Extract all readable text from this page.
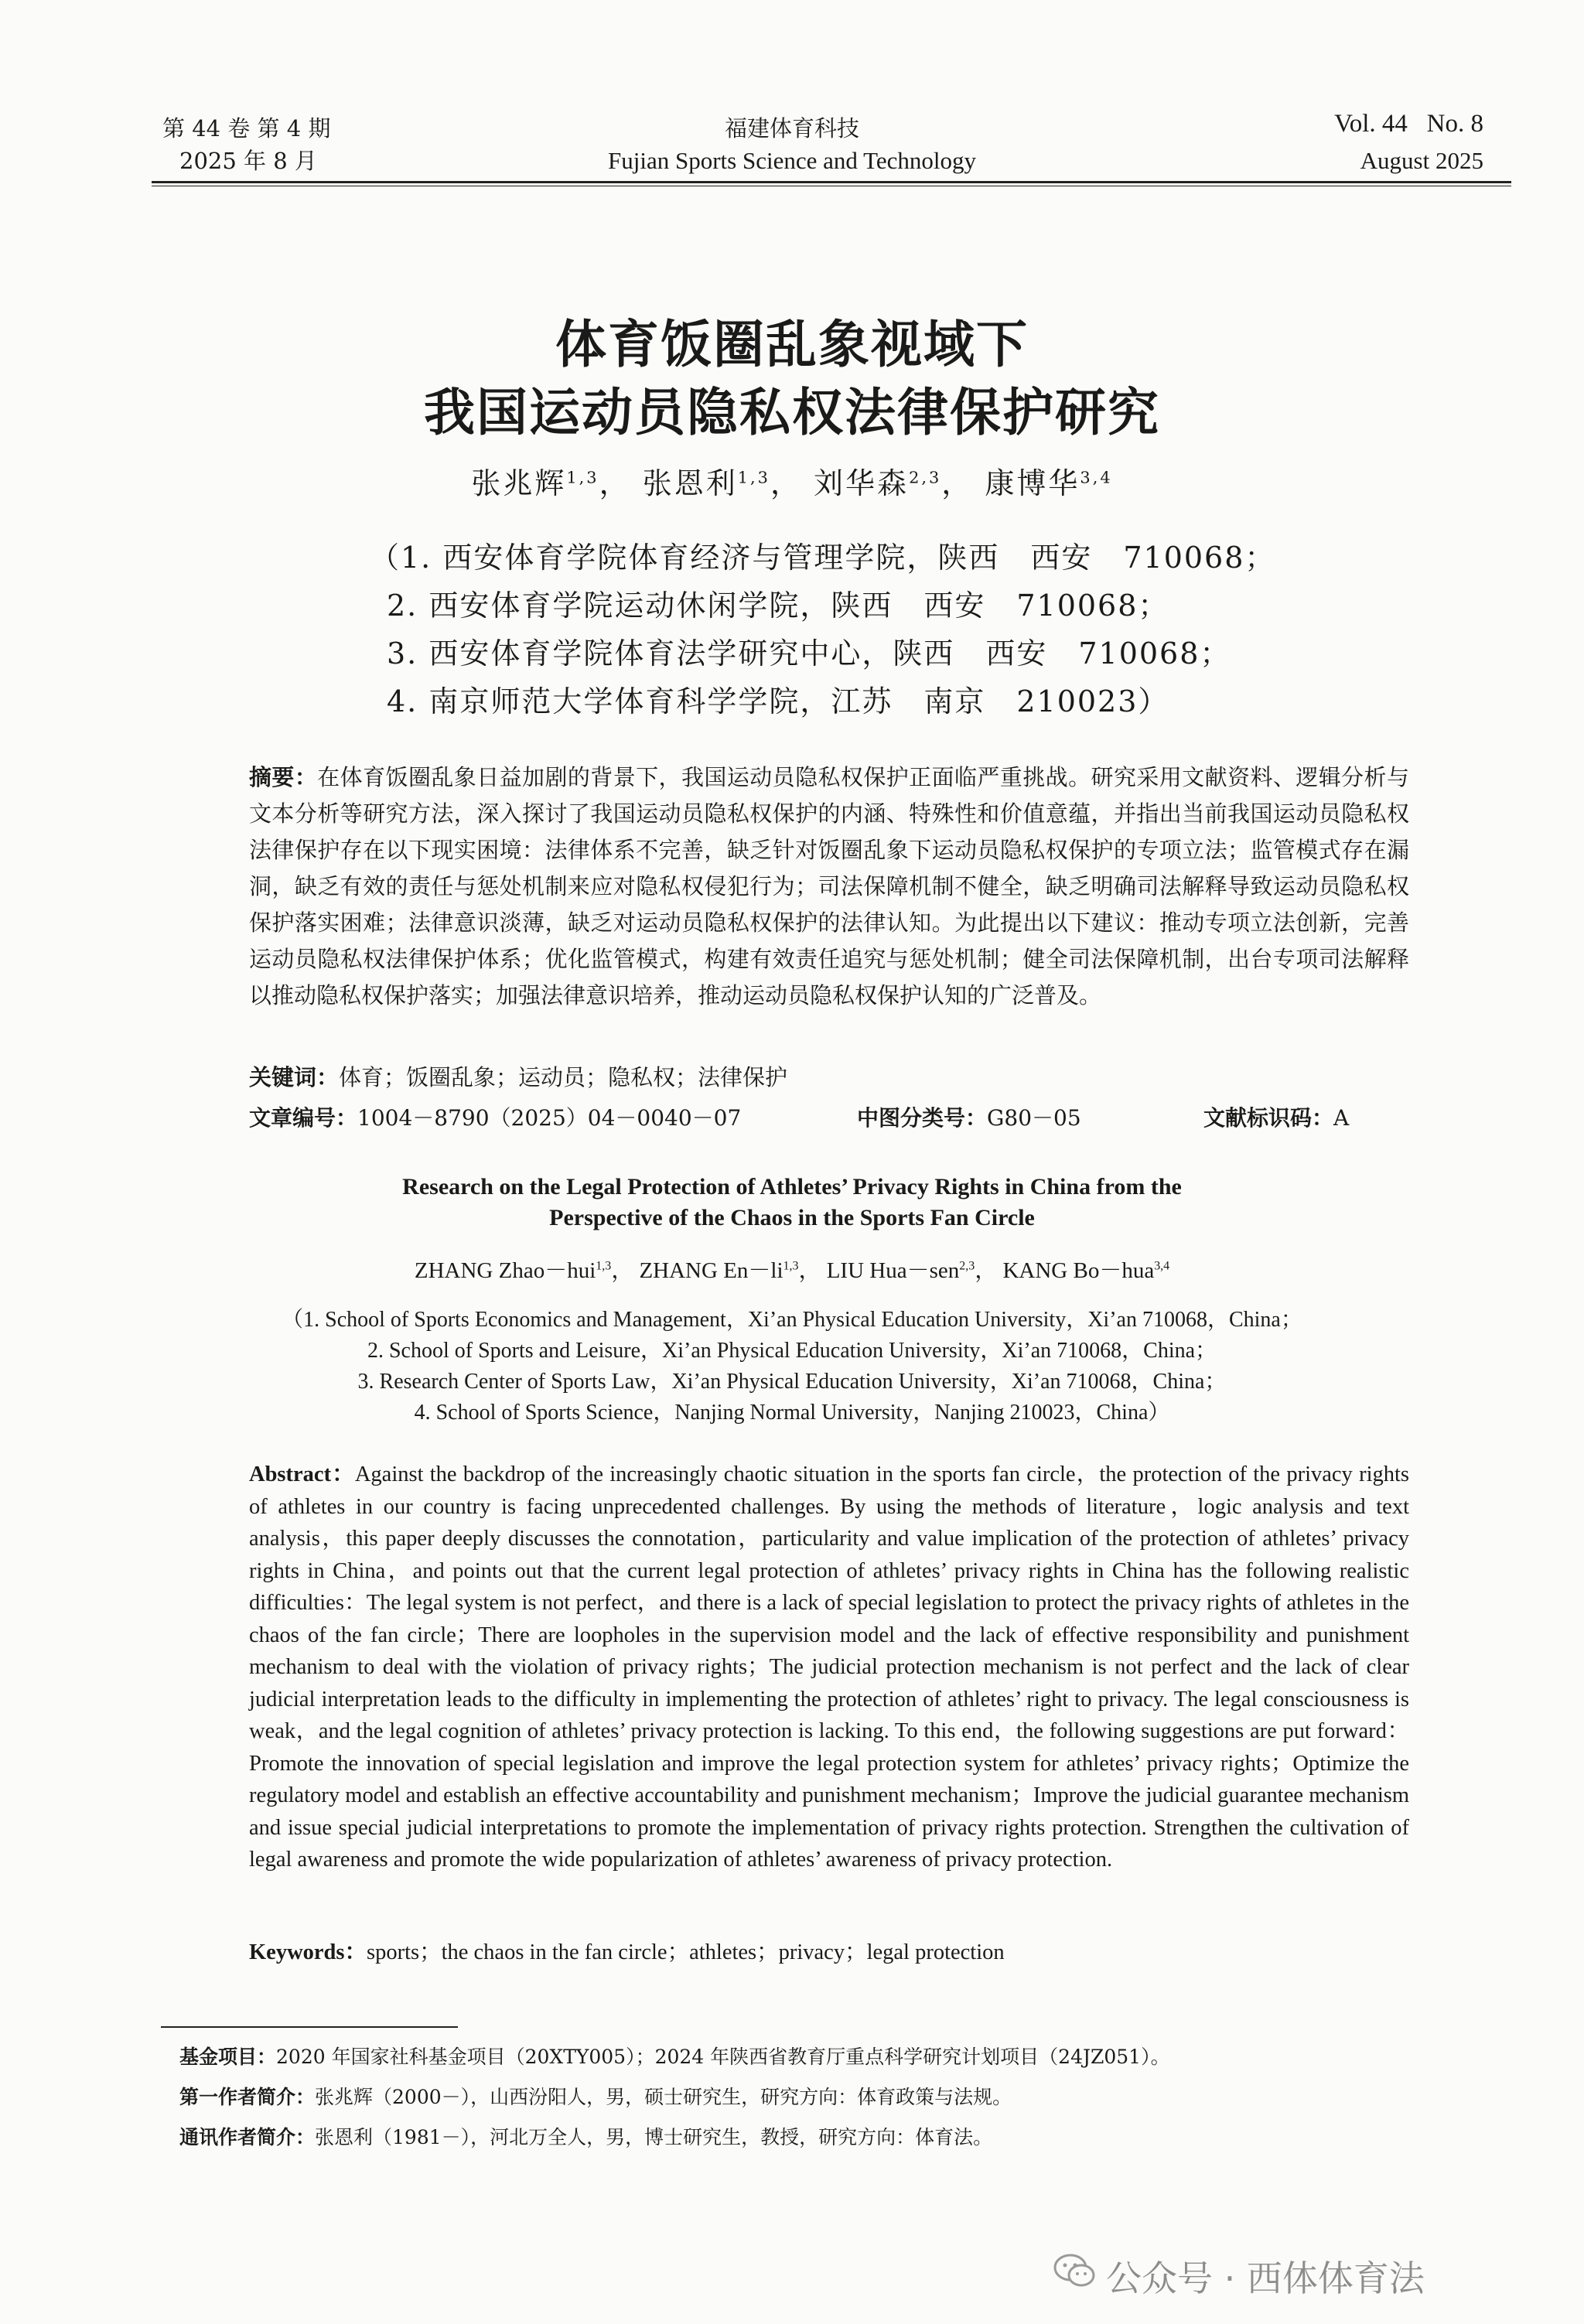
第 44 卷 第 4 期
2025 年 8 月
福建体育科技
Fujian Sports Science and Technology
Vol. 44   No. 8
August 2025
体育饭圈乱象视域下
我国运动员隐私权法律保护研究
张兆辉$^{1,3}$， 张恩利$^{1,3}$， 刘华森$^{2,3}$， 康博华$^{3,4}$
（1. 西安体育学院体育经济与管理学院，陕西　西安　710068；
2. 西安体育学院运动休闲学院，陕西　西安　710068；
3. 西安体育学院体育法学研究中心，陕西　西安　710068；
4. 南京师范大学体育科学学院，江苏　南京　210023）
摘要：在体育饭圈乱象日益加剧的背景下，我国运动员隐私权保护正面临严重挑战。研究采用文献资料、逻辑分析与文本分析等研究方法，深入探讨了我国运动员隐私权保护的内涵、特殊性和价值意蕴，并指出当前我国运动员隐私权法律保护存在以下现实困境：法律体系不完善，缺乏针对饭圈乱象下运动员隐私权保护的专项立法；监管模式存在漏洞，缺乏有效的责任与惩处机制来应对隐私权侵犯行为；司法保障机制不健全，缺乏明确司法解释导致运动员隐私权保护落实困难；法律意识淡薄，缺乏对运动员隐私权保护的法律认知。为此提出以下建议：推动专项立法创新，完善运动员隐私权法律保护体系；优化监管模式，构建有效责任追究与惩处机制；健全司法保障机制，出台专项司法解释以推动隐私权保护落实；加强法律意识培养，推动运动员隐私权保护认知的广泛普及。
关键词：体育；饭圈乱象；运动员；隐私权；法律保护
文章编号：1004－8790（2025）04－0040－07	中图分类号：G80－05	文献标识码：A
Research on the Legal Protection of Athletes’ Privacy Rights in China from the
Perspective of the Chaos in the Sports Fan Circle
ZHANG Zhao－hui$^{1,3}$， ZHANG En－li$^{1,3}$， LIU Hua－sen$^{2,3}$， KANG Bo－hua$^{3,4}$
（1. School of Sports Economics and Management，Xi’an Physical Education University，Xi’an 710068，China；
2. School of Sports and Leisure，Xi’an Physical Education University，Xi’an 710068，China；
3. Research Center of Sports Law，Xi’an Physical Education University，Xi’an 710068，China；
4. School of Sports Science，Nanjing Normal University，Nanjing 210023，China）
Abstract：Against the backdrop of the increasingly chaotic situation in the sports fan circle，the protection of the privacy rights of athletes in our country is facing unprecedented challenges. By using the methods of literature，logic analysis and text analysis，this paper deeply discusses the connotation，particularity and value implication of the protection of athletes’ privacy rights in China，and points out that the current legal protection of athletes’ privacy rights in China has the following realistic difficulties：The legal system is not perfect，and there is a lack of special legislation to protect the privacy rights of athletes in the chaos of the fan circle；There are loopholes in the supervision model and the lack of effective responsibility and punishment mechanism to deal with the violation of privacy rights；The judicial protection mechanism is not perfect and the lack of clear judicial interpretation leads to the difficulty in implementing the protection of athletes’ right to privacy. The legal consciousness is weak，and the legal cognition of athletes’ privacy protection is lacking. To this end，the following suggestions are put forward：Promote the innovation of special legislation and improve the legal protection system for athletes’ privacy rights；Optimize the regulatory model and establish an effective accountability and punishment mechanism；Improve the judicial guarantee mechanism and issue special judicial interpretations to promote the implementation of privacy rights protection. Strengthen the cultivation of legal awareness and promote the wide popularization of athletes’ awareness of privacy protection.
Keywords：sports；the chaos in the fan circle；athletes；privacy；legal protection
基金项目：2020 年国家社科基金项目（20XTY005）；2024 年陕西省教育厅重点科学研究计划项目（24JZ051）。
第一作者简介：张兆辉（2000－），山西汾阳人，男，硕士研究生，研究方向：体育政策与法规。
通讯作者简介：张恩利（1981－），河北万全人，男，博士研究生，教授，研究方向：体育法。
公众号 · 西体体育法
